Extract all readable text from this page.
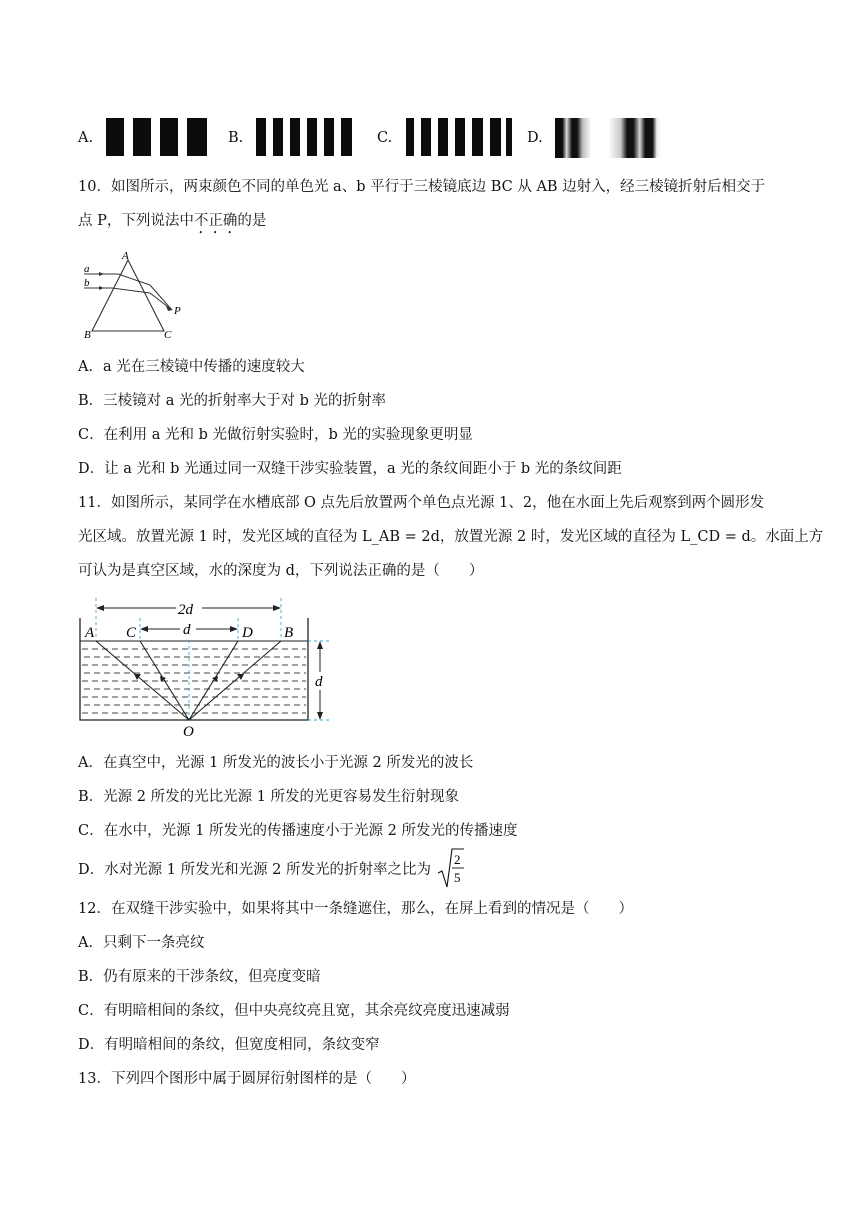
A.	B.	C.	D.
10．如图所示，两束颜色不同的单色光 a、b 平行于三棱镜底边 BC 从 AB 边射入，经三棱镜折射后相交于
点 P，下列说法中不正确的是
A
a
b
P
B	C
A．a 光在三棱镜中传播的速度较大
B．三棱镜对 a 光的折射率大于对 b 光的折射率
C．在利用 a 光和 b 光做衍射实验时，b 光的实验现象更明显
D．让 a 光和 b 光通过同一双缝干涉实验装置，a 光的条纹间距小于 b 光的条纹间距
11．如图所示，某同学在水槽底部 O 点先后放置两个单色点光源 1、2，他在水面上先后观察到两个圆形发
光区域。放置光源 1 时，发光区域的直径为 L_AB = 2d，放置光源 2 时，发光区域的直径为 L_CD = d。水面上方
可认为是真空区域，水的深度为 d，下列说法正确的是（　　）
2d
d
A C	D B
d
O
A．在真空中，光源 1 所发光的波长小于光源 2 所发光的波长
B．光源 2 所发的光比光源 1 所发的光更容易发生衍射现象
C．在水中，光源 1 所发光的传播速度小于光源 2 所发光的传播速度
D．水对光源 1 所发光和光源 2 所发光的折射率之比为
2
5
12．在双缝干涉实验中，如果将其中一条缝遮住，那么，在屏上看到的情况是（　　）
A．只剩下一条亮纹
B．仍有原来的干涉条纹，但亮度变暗
C．有明暗相间的条纹，但中央亮纹亮且宽，其余亮纹亮度迅速减弱
D．有明暗相间的条纹，但宽度相同，条纹变窄
13．下列四个图形中属于圆屏衍射图样的是（　　）
